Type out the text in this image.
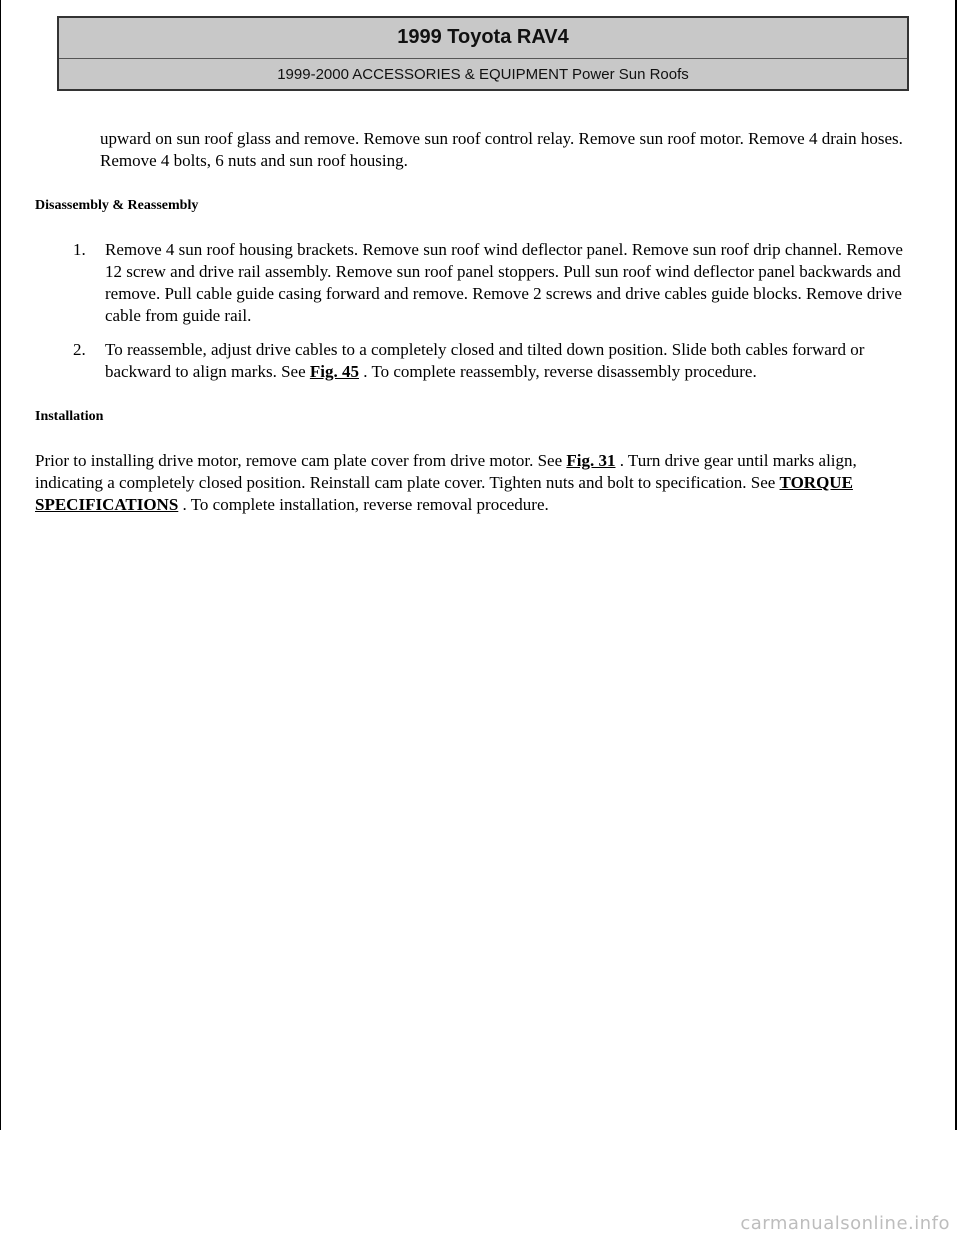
1999 Toyota RAV4
1999-2000 ACCESSORIES & EQUIPMENT Power Sun Roofs

upward on sun roof glass and remove. Remove sun roof control relay. Remove sun roof motor. Remove 4 drain hoses. Remove 4 bolts, 6 nuts and sun roof housing.

Disassembly & Reassembly
1. Remove 4 sun roof housing brackets. Remove sun roof wind deflector panel. Remove sun roof drip channel. Remove 12 screw and drive rail assembly. Remove sun roof panel stoppers. Pull sun roof wind deflector panel backwards and remove. Pull cable guide casing forward and remove. Remove 2 screws and drive cables guide blocks. Remove drive cable from guide rail.
2. To reassemble, adjust drive cables to a completely closed and tilted down position. Slide both cables forward or backward to align marks. See Fig. 45 . To complete reassembly, reverse disassembly procedure.
Installation

Prior to installing drive motor, remove cam plate cover from drive motor. See Fig. 31 . Turn drive gear until marks align, indicating a completely closed position. Reinstall cam plate cover. Tighten nuts and bolt to specification. See TORQUE SPECIFICATIONS . To complete installation, reverse removal procedure.

carmanualsonline.info
